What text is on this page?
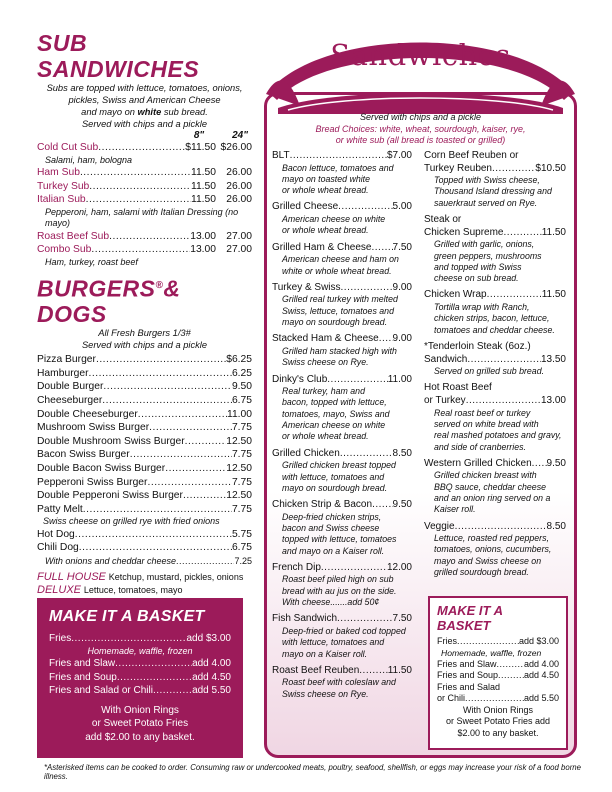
SUB SANDWICHES
Subs are topped with lettuce, tomatoes, onions,
pickles, Swiss and American Cheese
and mayo on white sub bread.
Served with chips and a pickle
8"	24"
Cold Cut Sub .....	$11.50 $26.00
Salami, ham, bologna
Ham Sub .....	11.50 26.00
Turkey Sub .....	11.50 26.00
Italian Sub .....	11.50 26.00
Pepperoni, ham, salami with Italian Dressing (no mayo)
Roast Beef Sub .....	13.00 27.00
Combo Sub .....	13.00 27.00
Ham, turkey, roast beef
BURGERS®& DOGS
All Fresh Burgers 1/3#
Served with chips and a pickle
Pizza Burger .....	$6.25
Hamburger .....	6.25
Double Burger .....	9.50
Cheeseburger .....	6.75
Double Cheeseburger .....	11.00
Mushroom Swiss Burger .....	7.75
Double Mushroom Swiss Burger .....	12.50
Bacon Swiss Burger .....	7.75
Double Bacon Swiss Burger .....	12.50
Pepperoni Swiss Burger .....	7.75
Double Pepperoni Swiss Burger .....	12.50
Patty Melt .....	7.75
Swiss cheese on grilled rye with fried onions
Hot Dog .....	5.75
Chili Dog .....	6.75
With onions and cheddar cheese .....	7.25
FULL HOUSE
Ketchup, mustard, pickles, onions
DELUXE
Lettuce, tomatoes, mayo
MAKE IT A BASKET
Fries .....	add $3.00
Homemade, waffle, frozen
Fries and Slaw .....	add 4.00
Fries and Soup .....	add 4.50
Fries and Salad or Chili .....	add 5.50
With Onion Rings
or Sweet Potato Fries
add $2.00 to any basket.
Sandwiches
Served with chips and a pickle
Bread Choices: white, wheat, sourdough, kaiser, rye,
or white sub (all bread is toasted or grilled)
BLT .....	$7.00
Bacon lettuce, tomatoes and
mayo on toasted white
or whole wheat bread.
Grilled Cheese .....	5.00
American cheese on white
or whole wheat bread.
Grilled Ham & Cheese ..... 7.50
American cheese and ham on
white or whole wheat bread.
Turkey & Swiss .....	9.00
Grilled real turkey with melted
Swiss, lettuce, tomatoes and
mayo on sourdough bread.
Stacked Ham & Cheese ..... 9.00
Grilled ham stacked high with
Swiss cheese on Rye.
Dinky's Club .....	11.00
Real turkey, ham and
bacon, topped with lettuce,
tomatoes, mayo, Swiss and
American cheese on white
or whole wheat bread.
Grilled Chicken .....	8.50
Grilled chicken breast topped
with lettuce, tomatoes and
mayo on sourdough bread.
Chicken Strip & Bacon ..... 9.50
Deep-fried chicken strips,
bacon and Swiss cheese
topped with lettuce, tomatoes
and mayo on a Kaiser roll.
French Dip .....	12.00
Roast beef piled high on sub
bread with au jus on the side.
With cheese.......add 50¢
Fish Sandwich .....	7.50
Deep-fried or baked cod topped
with lettuce, tomatoes and
mayo on a Kaiser roll.
Roast Beef Reuben .....	11.50
Roast beef with coleslaw and
Swiss cheese on Rye.
Corn Beef Reuben or
Turkey Reuben .....	$10.50
Topped with Swiss cheese,
Thousand Island dressing and
sauerkraut served on Rye.
Steak or
Chicken Supreme .....	11.50
Grilled with garlic, onions,
green peppers, mushrooms
and topped with Swiss
cheese on sub bread.
Chicken Wrap .....	11.50
Tortilla wrap with Ranch,
chicken strips, bacon, lettuce,
tomatoes and cheddar cheese.
*Tenderloin Steak (6oz.)
Sandwich .....	13.50
Served on grilled sub bread.
Hot Roast Beef
or Turkey .....	13.00
Real roast beef or turkey
served on white bread with
real mashed potatoes and gravy,
and side of cranberries.
Western Grilled Chicken ..... 9.50
Grilled chicken breast with
BBQ sauce, cheddar cheese
and an onion ring served on a
Kaiser roll.
Veggie .....	8.50
Lettuce, roasted red peppers,
tomatoes, onions, cucumbers,
mayo and Swiss cheese on
grilled sourdough bread.
MAKE IT A BASKET
Fries .....	add $3.00
Homemade, waffle, frozen
Fries and Slaw .....	add 4.00
Fries and Soup .....	add 4.50
Fries and Salad
or Chili .....	add 5.50
With Onion Rings
or Sweet Potato Fries add
$2.00 to any basket.
*Asterisked items can be cooked to order. Consuming raw or undercooked meats, poultry, seafood, shellfish, or eggs may increase your risk of a food borne illness.
